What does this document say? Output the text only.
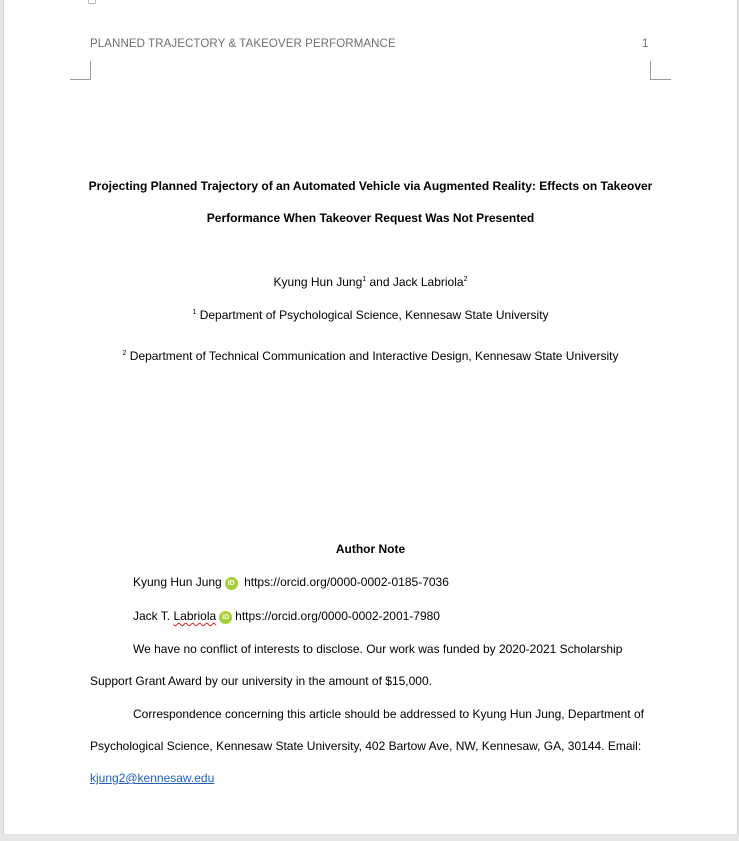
PLANNED TRAJECTORY & TAKEOVER PERFORMANCE	1
Projecting Planned Trajectory of an Automated Vehicle via Augmented Reality: Effects on Takeover
Performance When Takeover Request Was Not Presented
Kyung Hun Jung$^1$ and Jack Labriola$^2$
$^1$ Department of Psychological Science, Kennesaw State University
$^2$ Department of Technical Communication and Interactive Design, Kennesaw State University
Author Note
Kyung Hun Jung iD https://orcid.org/0000-0002-0185-7036
Jack T. Labriola iD https://orcid.org/0000-0002-2001-7980
We have no conflict of interests to disclose. Our work was funded by 2020-2021 Scholarship
Support Grant Award by our university in the amount of $15,000.
Correspondence concerning this article should be addressed to Kyung Hun Jung, Department of
Psychological Science, Kennesaw State University, 402 Bartow Ave, NW, Kennesaw, GA, 30144. Email:
kjung2@kennesaw.edu
